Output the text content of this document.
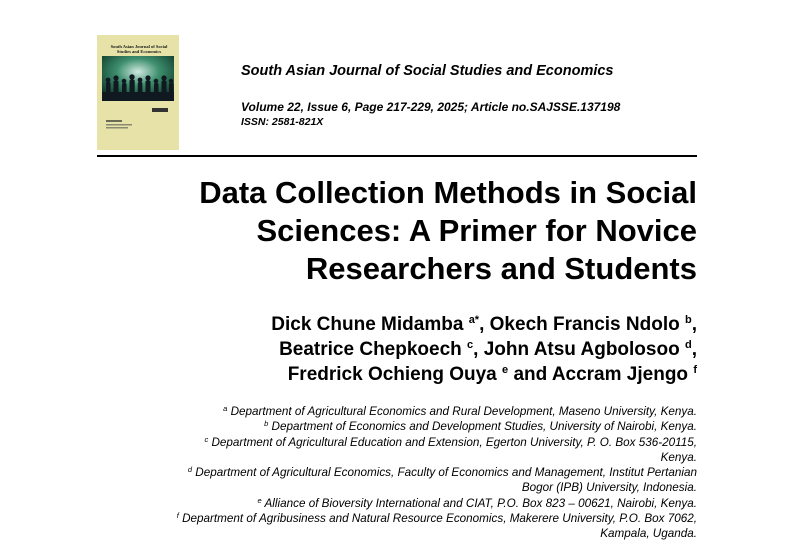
South Asian Journal of Social Studies and Economics
South Asian Journal of Social Studies and Economics
Volume 22, Issue 6, Page 217-229, 2025; Article no.SAJSSE.137198
ISSN: 2581-821X
Data Collection Methods in Social
Sciences: A Primer for Novice
Researchers and Students
Dick Chune Midamba $^{a*}$, Okech Francis Ndolo $^b$,
Beatrice Chepkoech $^c$, John Atsu Agbolosoo $^d$,
Fredrick Ochieng Ouya $^e$ and Accram Jjengo $^f$
$^a$ Department of Agricultural Economics and Rural Development, Maseno University, Kenya.
$^b$ Department of Economics and Development Studies, University of Nairobi, Kenya.
$^c$ Department of Agricultural Education and Extension, Egerton University, P. O. Box 536-20115,
Kenya.
$^d$ Department of Agricultural Economics, Faculty of Economics and Management, Institut Pertanian
Bogor (IPB) University, Indonesia.
$^e$ Alliance of Bioversity International and CIAT, P.O. Box 823 – 00621, Nairobi, Kenya.
$^f$ Department of Agribusiness and Natural Resource Economics, Makerere University, P.O. Box 7062,
Kampala, Uganda.
